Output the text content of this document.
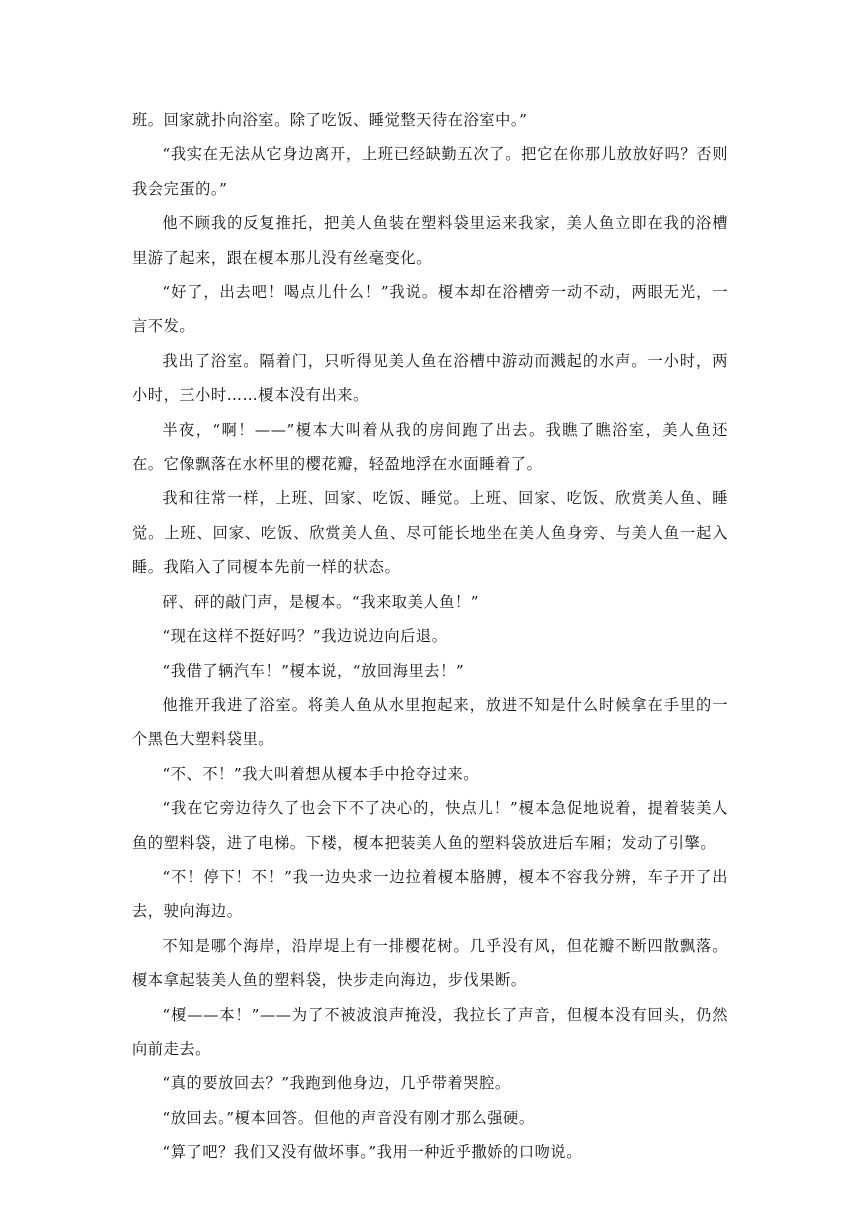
班。回家就扑向浴室。除了吃饭、睡觉整天待在浴室中。”

“我实在无法从它身边离开，上班已经缺勤五次了。把它在你那儿放放好吗？否则我会完蛋的。”

他不顾我的反复推托，把美人鱼装在塑料袋里运来我家，美人鱼立即在我的浴槽里游了起来，跟在榎本那儿没有丝毫变化。

“好了，出去吧！喝点儿什么！”我说。榎本却在浴槽旁一动不动，两眼无光，一言不发。

我出了浴室。隔着门，只听得见美人鱼在浴槽中游动而溅起的水声。一小时，两小时，三小时……榎本没有出来。

半夜，“啊！——”榎本大叫着从我的房间跑了出去。我瞧了瞧浴室，美人鱼还在。它像飘落在水杯里的樱花瓣，轻盈地浮在水面睡着了。

我和往常一样，上班、回家、吃饭、睡觉。上班、回家、吃饭、欣赏美人鱼、睡觉。上班、回家、吃饭、欣赏美人鱼、尽可能长地坐在美人鱼身旁、与美人鱼一起入睡。我陷入了同榎本先前一样的状态。

砰、砰的敲门声，是榎本。“我来取美人鱼！”

“现在这样不挺好吗？”我边说边向后退。

“我借了辆汽车！”榎本说，“放回海里去！”

他推开我进了浴室。将美人鱼从水里抱起来，放进不知是什么时候拿在手里的一个黑色大塑料袋里。

“不、不！”我大叫着想从榎本手中抢夺过来。

“我在它旁边待久了也会下不了决心的，快点儿！”榎本急促地说着，提着装美人鱼的塑料袋，进了电梯。下楼，榎本把装美人鱼的塑料袋放进后车厢；发动了引擎。

“不！停下！不！”我一边央求一边拉着榎本胳膊，榎本不容我分辨，车子开了出去，驶向海边。

不知是哪个海岸，沿岸堤上有一排樱花树。几乎没有风，但花瓣不断四散飘落。榎本拿起装美人鱼的塑料袋，快步走向海边，步伐果断。

“榎——本！”——为了不被波浪声掩没，我拉长了声音，但榎本没有回头，仍然向前走去。

“真的要放回去？”我跑到他身边，几乎带着哭腔。

“放回去。”榎本回答。但他的声音没有刚才那么强硬。

“算了吧？我们又没有做坏事。”我用一种近乎撒娇的口吻说。
